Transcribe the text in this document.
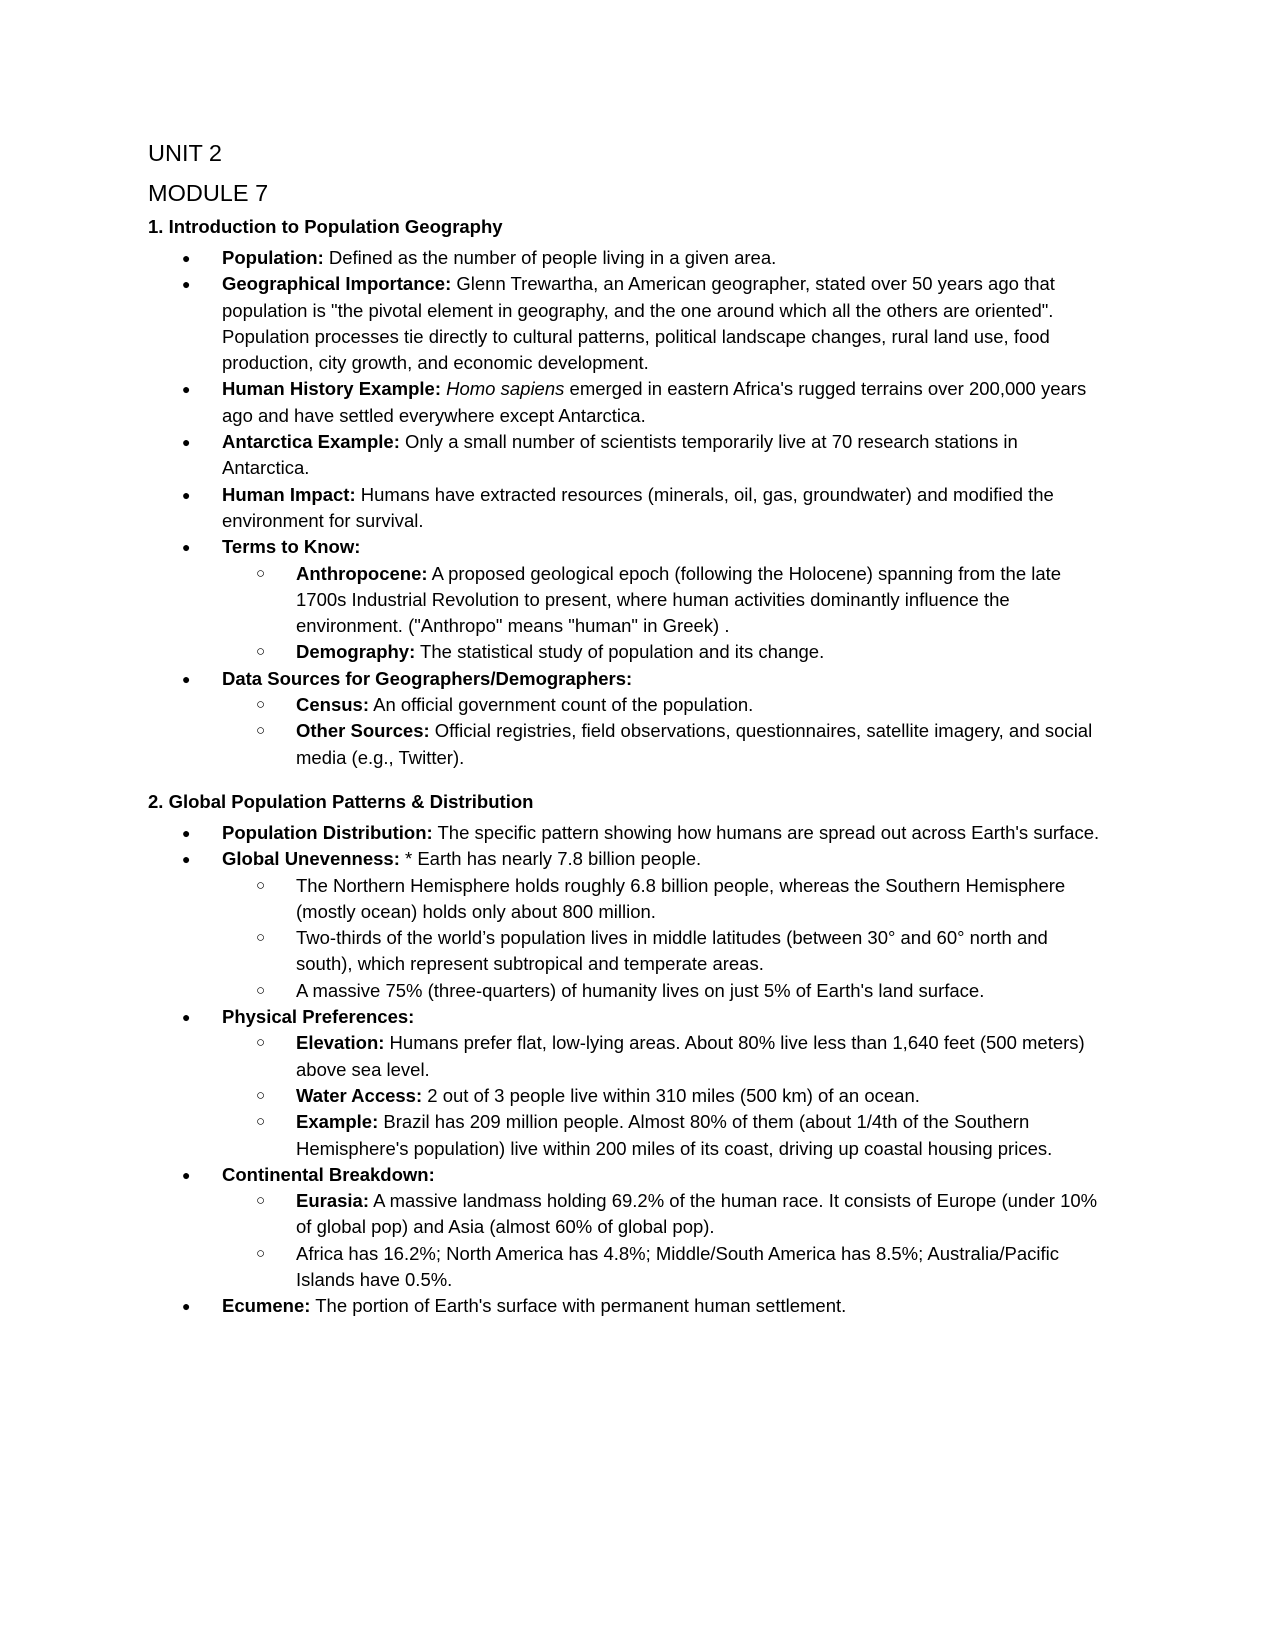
UNIT 2
MODULE 7
1. Introduction to Population Geography
● Population: Defined as the number of people living in a given area.
● Geographical Importance: Glenn Trewartha, an American geographer, stated over 50 years ago that population is "the pivotal element in geography, and the one around which all the others are oriented". Population processes tie directly to cultural patterns, political landscape changes, rural land use, food production, city growth, and economic development.
● Human History Example: Homo sapiens emerged in eastern Africa's rugged terrains over 200,000 years ago and have settled everywhere except Antarctica.
● Antarctica Example: Only a small number of scientists temporarily live at 70 research stations in Antarctica.
● Human Impact: Humans have extracted resources (minerals, oil, gas, groundwater) and modified the environment for survival.
● Terms to Know:
○ Anthropocene: A proposed geological epoch (following the Holocene) spanning from the late 1700s Industrial Revolution to present, where human activities dominantly influence the environment. ("Anthropo" means "human" in Greek) .
○ Demography: The statistical study of population and its change.
● Data Sources for Geographers/Demographers:
○ Census: An official government count of the population.
○ Other Sources: Official registries, field observations, questionnaires, satellite imagery, and social media (e.g., Twitter).
2. Global Population Patterns & Distribution
● Population Distribution: The specific pattern showing how humans are spread out across Earth's surface.
● Global Unevenness: * Earth has nearly 7.8 billion people.
○ The Northern Hemisphere holds roughly 6.8 billion people, whereas the Southern Hemisphere (mostly ocean) holds only about 800 million.
○ Two-thirds of the world’s population lives in middle latitudes (between 30° and 60° north and south), which represent subtropical and temperate areas.
○ A massive 75% (three-quarters) of humanity lives on just 5% of Earth's land surface.
● Physical Preferences:
○ Elevation: Humans prefer flat, low-lying areas. About 80% live less than 1,640 feet (500 meters) above sea level.
○ Water Access: 2 out of 3 people live within 310 miles (500 km) of an ocean.
○ Example: Brazil has 209 million people. Almost 80% of them (about 1/4th of the Southern Hemisphere's population) live within 200 miles of its coast, driving up coastal housing prices.
● Continental Breakdown:
○ Eurasia: A massive landmass holding 69.2% of the human race. It consists of Europe (under 10% of global pop) and Asia (almost 60% of global pop).
○ Africa has 16.2%; North America has 4.8%; Middle/South America has 8.5%; Australia/Pacific Islands have 0.5%.
● Ecumene: The portion of Earth's surface with permanent human settlement.
